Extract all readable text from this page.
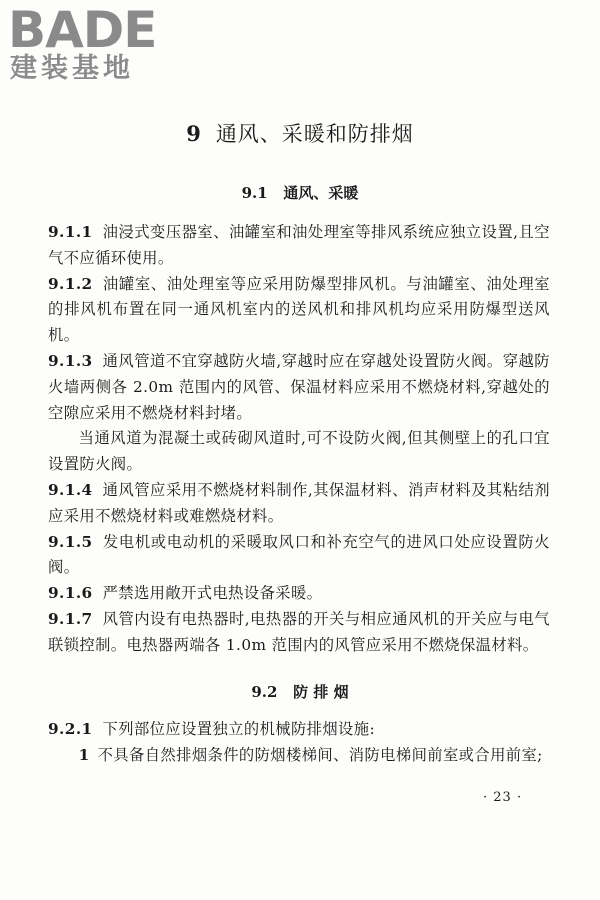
BADE
建装基地
9 通风、采暖和防排烟
9.1 通风、采暖

9.1.1 油浸式变压器室、油罐室和油处理室等排风系统应独立设置,且空气不应循环使用。

9.1.2 油罐室、油处理室等应采用防爆型排风机。与油罐室、油处理室的排风机布置在同一通风机室内的送风机和排风机均应采用防爆型送风机。

9.1.3 通风管道不宜穿越防火墙,穿越时应在穿越处设置防火阀。穿越防火墙两侧各 2.0m 范围内的风管、保温材料应采用不燃烧材料,穿越处的空隙应采用不燃烧材料封堵。

当通风道为混凝土或砖砌风道时,可不设防火阀,但其侧壁上的孔口宜设置防火阀。

9.1.4 通风管应采用不燃烧材料制作,其保温材料、消声材料及其粘结剂应采用不燃烧材料或难燃烧材料。

9.1.5 发电机或电动机的采暖取风口和补充空气的进风口处应设置防火阀。

9.1.6 严禁选用敞开式电热设备采暖。

9.1.7 风管内设有电热器时,电热器的开关与相应通风机的开关应与电气联锁控制。电热器两端各 1.0m 范围内的风管应采用不燃烧保温材料。

9.2 防 排 烟

9.2.1 下列部位应设置独立的机械防排烟设施:

1 不具备自然排烟条件的防烟楼梯间、消防电梯间前室或合用前室;

· 23 ·
